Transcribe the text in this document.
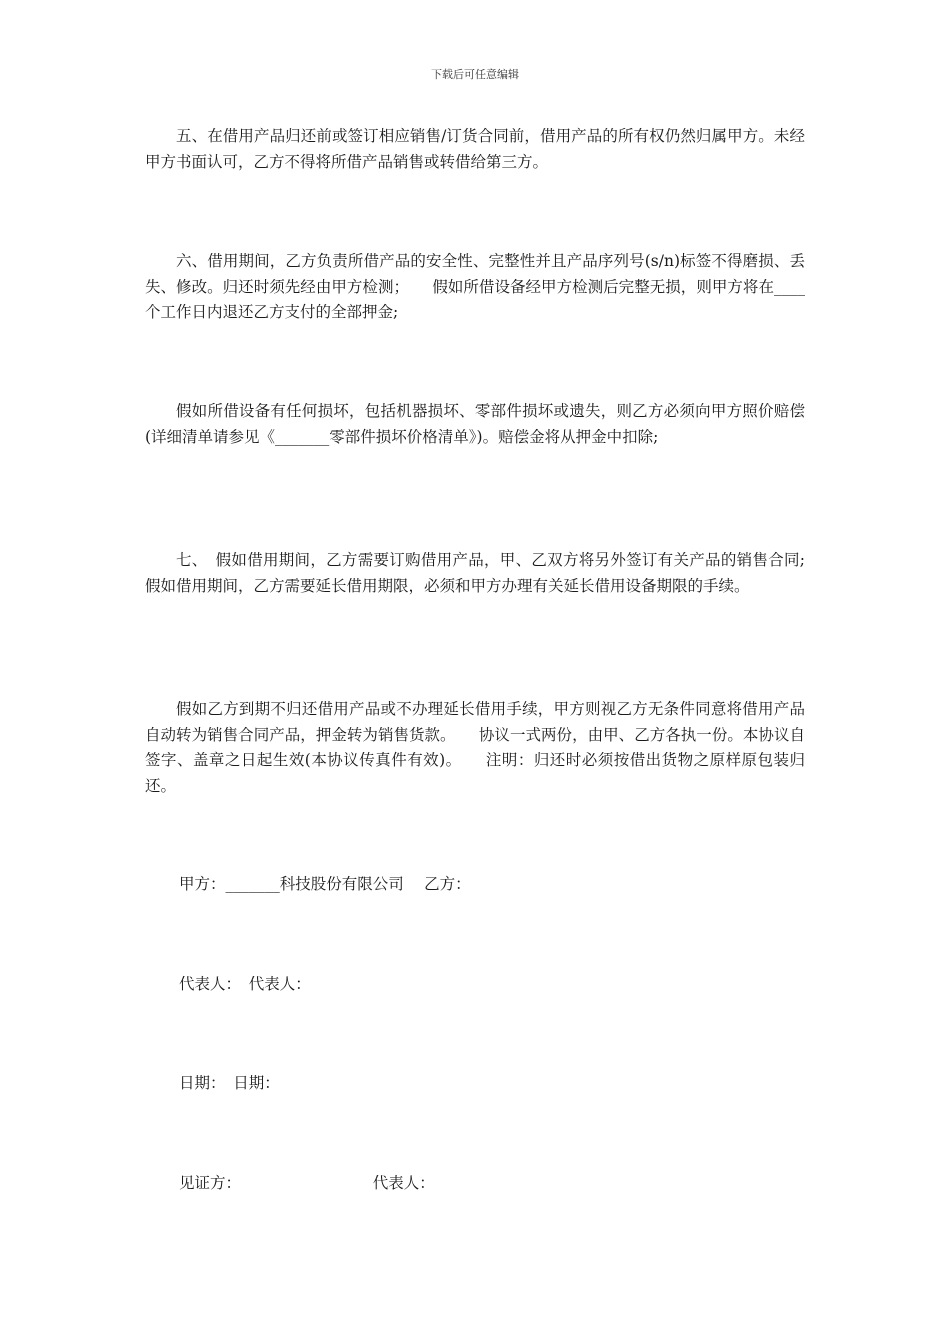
下载后可任意编辑

五、在借用产品归还前或签订相应销售/订货合同前，借用产品的所有权仍然归属甲方。未经甲方书面认可，乙方不得将所借产品销售或转借给第三方。

六、借用期间，乙方负责所借产品的安全性、完整性并且产品序列号(s/n)标签不得磨损、丢失、修改。归还时须先经由甲方检测；　　假如所借设备经甲方检测后完整无损，则甲方将在____个工作日内退还乙方支付的全部押金;

假如所借设备有任何损坏，包括机器损坏、零部件损坏或遗失，则乙方必须向甲方照价赔偿(详细清单请参见《_______零部件损坏价格清单》)。赔偿金将从押金中扣除;

七、　假如借用期间，乙方需要订购借用产品，甲、乙双方将另外签订有关产品的销售合同;假如借用期间，乙方需要延长借用期限，必须和甲方办理有关延长借用设备期限的手续。

假如乙方到期不归还借用产品或不办理延长借用手续，甲方则视乙方无条件同意将借用产品自动转为销售合同产品，押金转为销售货款。　　协议一式两份，由甲、乙方各执一份。本协议自签字、盖章之日起生效(本协议传真件有效)。　　注明：归还时必须按借出货物之原样原包装归还。

甲方：_______科技股份有限公司　 乙方：
代表人：　代表人：
日期：　日期：
见证方：　　　　　　　　　代表人：
